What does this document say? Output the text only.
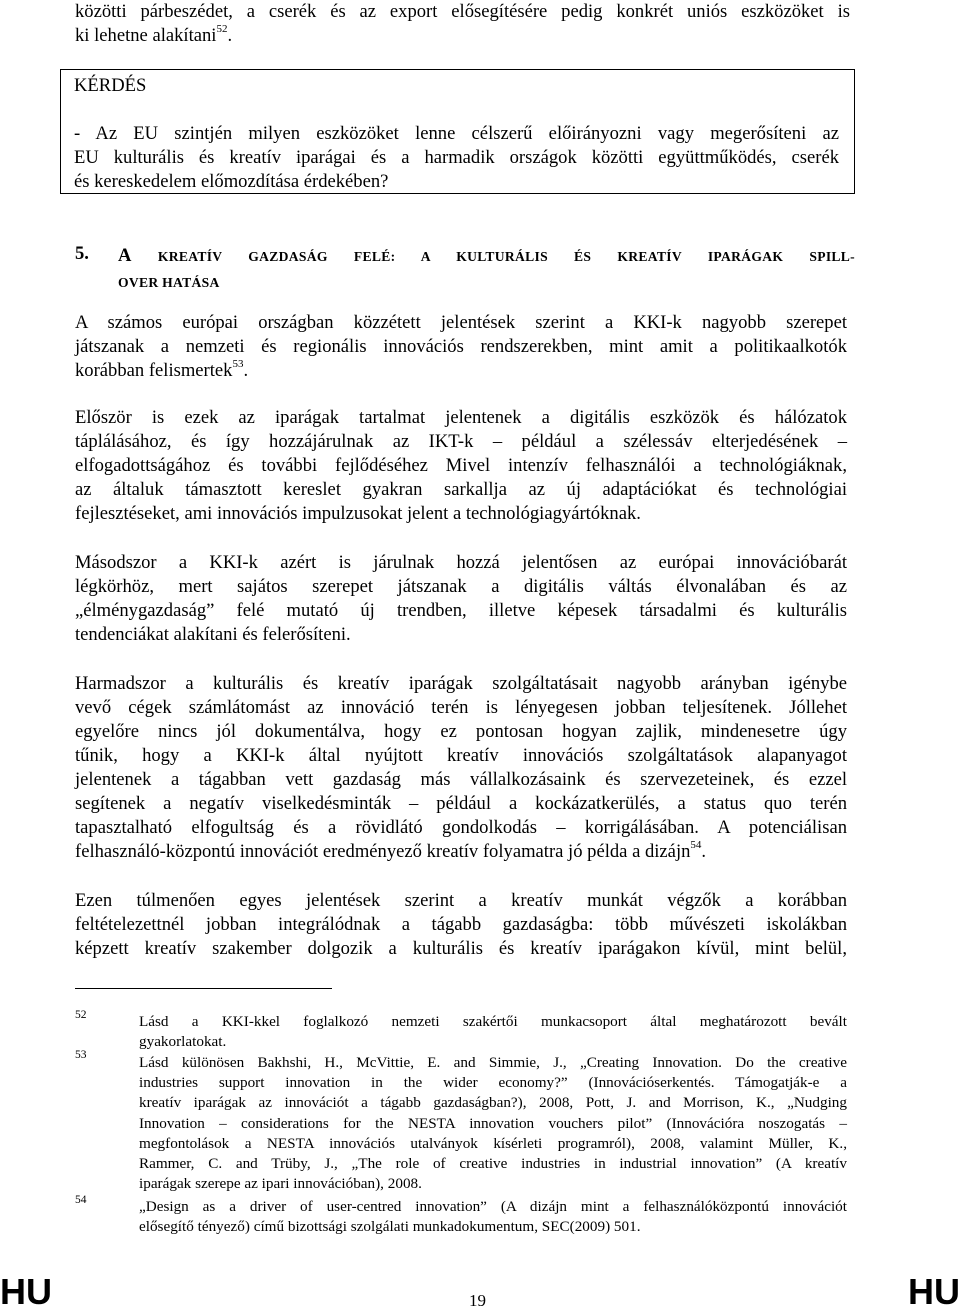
közötti párbeszédet, a cserék és az export elősegítésére pedig konkrét uniós eszközöket is
ki lehetne alakítani$^{52}$.
KÉRDÉS
- Az EU szintjén milyen eszközöket lenne célszerű előirányozni vagy megerősíteni az
EU kulturális és kreatív iparágai és a harmadik országok közötti együttműködés, cserék
és kereskedelem előmozdítása érdekében?
5. A KREATÍV GAZDASÁG FELÉ: A KULTURÁLIS ÉS KREATÍV IPARÁGAK SPILL-
OVER HATÁSA
A számos európai országban közzétett jelentések szerint a KKI-k nagyobb szerepet
játszanak a nemzeti és regionális innovációs rendszerekben, mint amit a politikaalkotók
korábban felismertek$^{53}$.
Először is ezek az iparágak tartalmat jelentenek a digitális eszközök és hálózatok
táplálásához, és így hozzájárulnak az IKT-k – például a szélessáv elterjedésének –
elfogadottságához és további fejlődéséhez Mivel intenzív felhasználói a technológiáknak,
az általuk támasztott kereslet gyakran sarkallja az új adaptációkat és technológiai
fejlesztéseket, ami innovációs impulzusokat jelent a technológiagyártóknak.
Másodszor a KKI-k azért is járulnak hozzá jelentősen az európai innovációbarát
légkörhöz, mert sajátos szerepet játszanak a digitális váltás élvonalában és az
„élménygazdaság” felé mutató új trendben, illetve képesek társadalmi és kulturális
tendenciákat alakítani és felerősíteni.
Harmadszor a kulturális és kreatív iparágak szolgáltatásait nagyobb arányban igénybe
vevő cégek számlátomást az innováció terén is lényegesen jobban teljesítenek. Jóllehet
egyelőre nincs jól dokumentálva, hogy ez pontosan hogyan zajlik, mindenesetre úgy
tűnik, hogy a KKI-k által nyújtott kreatív innovációs szolgáltatások alapanyagot
jelentenek a tágabban vett gazdaság más vállalkozásaink és szervezeteinek, és ezzel
segítenek a negatív viselkedésminták – például a kockázatkerülés, a status quo terén
tapasztalható elfogultság és a rövidlátó gondolkodás – korrigálásában. A potenciálisan
felhasználó-központú innovációt eredményező kreatív folyamatra jó példa a dizájn$^{54}$.
Ezen túlmenően egyes jelentések szerint a kreatív munkát végzők a korábban
feltételezettnél jobban integrálódnak a tágabb gazdaságba: több művészeti iskolákban
képzett kreatív szakember dolgozik a kulturális és kreatív iparágakon kívül, mint belül,
52	Lásd a KKI-kkel foglalkozó nemzeti szakértői munkacsoport által meghatározott bevált
gyakorlatokat.
53	Lásd különösen Bakhshi, H., McVittie, E. and Simmie, J., „Creating Innovation. Do the creative
industries support innovation in the wider economy?” (Innovációserkentés. Támogatják-e a
kreatív iparágak az innovációt a tágabb gazdaságban?), 2008, Pott, J. and Morrison, K., „Nudging
Innovation – considerations for the NESTA innovation vouchers pilot” (Innovációra noszogatás –
megfontolások a NESTA innovációs utalványok kísérleti programról), 2008, valamint Müller, K.,
Rammer, C. and Trüby, J., „The role of creative industries in industrial innovation” (A kreatív
iparágak szerepe az ipari innovációban), 2008.
54	„Design as a driver of user-centred innovation” (A dizájn mint a felhasználóközpontú innovációt
elősegítő tényező) című bizottsági szolgálati munkadokumentum, SEC(2009) 501.
HU	19	HU
